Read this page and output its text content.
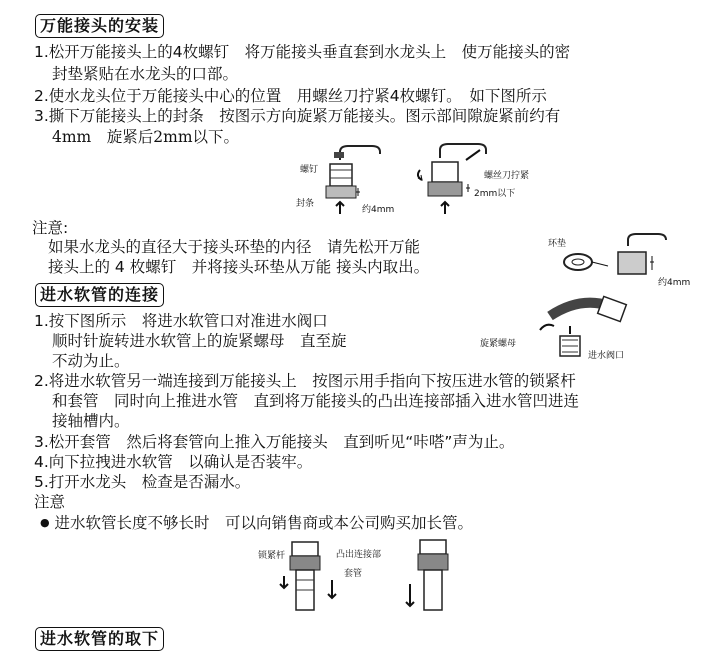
万能接头的安装
1.松开万能接头上的4枚螺钉　将万能接头垂直套到水龙头上　使万能接头的密
封垫紧贴在水龙头的口部。
2.使水龙头位于万能接头中心的位置　用螺丝刀拧紧4枚螺钉。　如下图所示
3.撕下万能接头上的封条　按图示方向旋紧万能接头。图示部间隙旋紧前约有
4mm　旋紧后2mm以下。
螺钉
封条
约4mm
螺丝刀拧紧
2mm以下
注意:
如果水龙头的直径大于接头环垫的内径　请先松开万能
接头上的 4 枚螺钉　并将接头环垫从万能 接头内取出。
环垫
约4mm
进水软管的连接
1.按下图所示　将进水软管口对准进水阀口
顺时针旋转进水软管上的旋紧螺母　直至旋
不动为止。
旋紧螺母
进水阀口
2.将进水软管另一端连接到万能接头上　按图示用手指向下按压进水管的锁紧杆
和套管　同时向上推进水管　直到将万能接头的凸出连接部插入进水管凹进连
接轴槽内。
3.松开套管　然后将套管向上推入万能接头　直到听见“咔嗒”声为止。
4.向下拉拽进水软管　以确认是否装牢。
5.打开水龙头　检查是否漏水。
注意
● 进水软管长度不够长时　可以向销售商或本公司购买加长管。
锁紧杆	凸出连接部
套管
进水软管的取下
